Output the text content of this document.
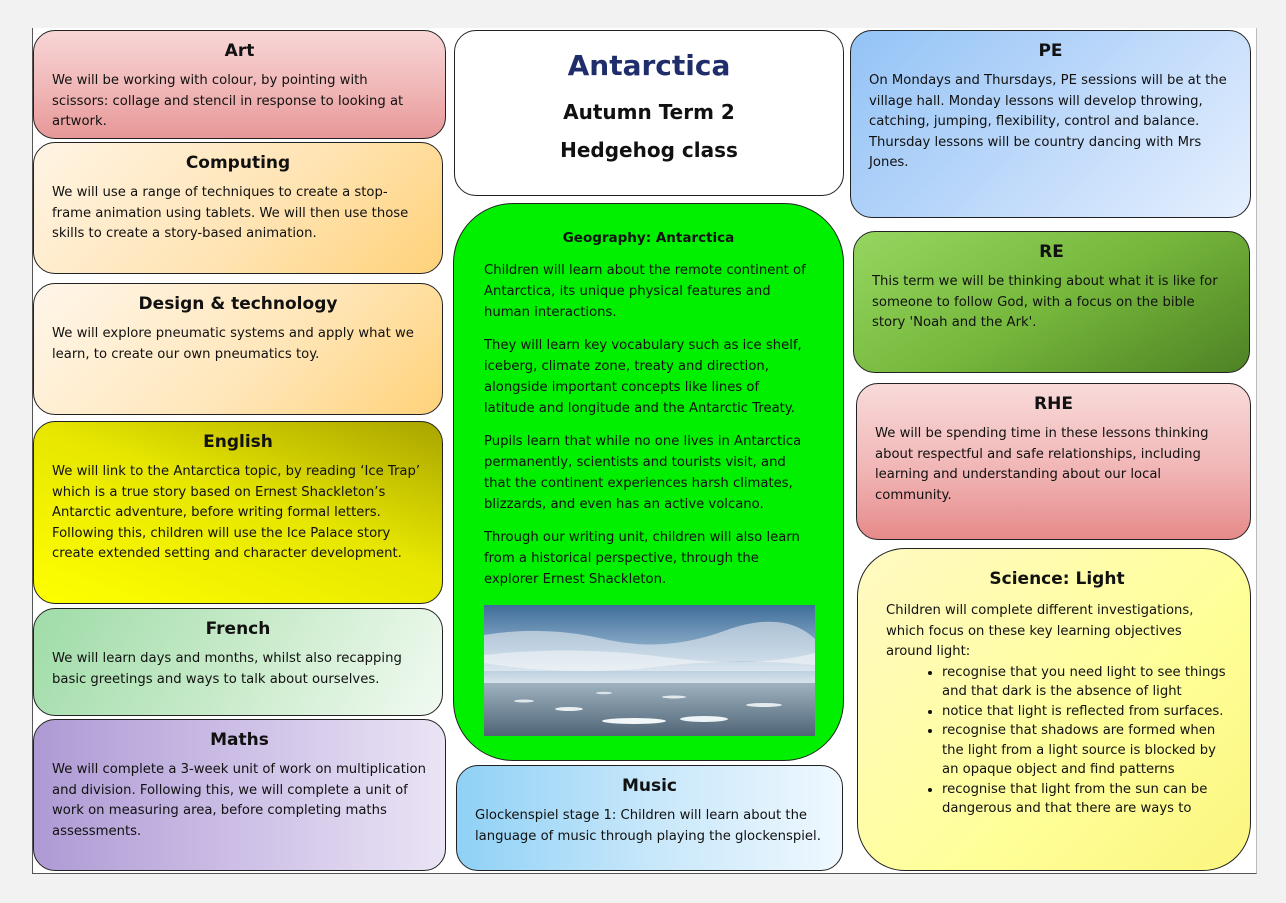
Art

We will be working with colour, by pointing with scissors: collage and stencil in response to looking at artwork.

Computing

We will use a range of techniques to create a stop-frame animation using tablets. We will then use those skills to create a story-based animation.

Design & technology

We will explore pneumatic systems and apply what we learn, to create our own pneumatics toy.

English

We will link to the Antarctica topic, by reading ‘Ice Trap’ which is a true story based on Ernest Shackleton’s Antarctic adventure, before writing formal letters. Following this, children will use the Ice Palace story create extended setting and character development.

French

We will learn days and months, whilst also recapping basic greetings and ways to talk about ourselves.

Maths

We will complete a 3-week unit of work on multiplication and division. Following this, we will complete a unit of work on measuring area, before completing maths assessments.

Antarctica
Autumn Term 2
Hedgehog class
Geography: Antarctica

Children will learn about the remote continent of Antarctica, its unique physical features and human interactions.

They will learn key vocabulary such as ice shelf, iceberg, climate zone, treaty and direction, alongside important concepts like lines of latitude and longitude and the Antarctic Treaty.

Pupils learn that while no one lives in Antarctica permanently, scientists and tourists visit, and that the continent experiences harsh climates, blizzards, and even has an active volcano.

Through our writing unit, children will also learn from a historical perspective, through the explorer Ernest Shackleton.

Music

Glockenspiel stage 1: Children will learn about the language of music through playing the glockenspiel.

PE

On Mondays and Thursdays, PE sessions will be at the village hall. Monday lessons will develop throwing, catching, jumping, flexibility, control and balance. Thursday lessons will be country dancing with Mrs Jones.

RE

This term we will be thinking about what it is like for someone to follow God, with a focus on the bible story 'Noah and the Ark'.

RHE

We will be spending time in these lessons thinking about respectful and safe relationships, including learning and understanding about our local community.

Science: Light

Children will complete different investigations, which focus on these key learning objectives around light:

• recognise that you need light to see things and that dark is the absence of light
• notice that light is reflected from surfaces.
• recognise that shadows are formed when the light from a light source is blocked by an opaque object and find patterns
• recognise that light from the sun can be dangerous and that there are ways to
